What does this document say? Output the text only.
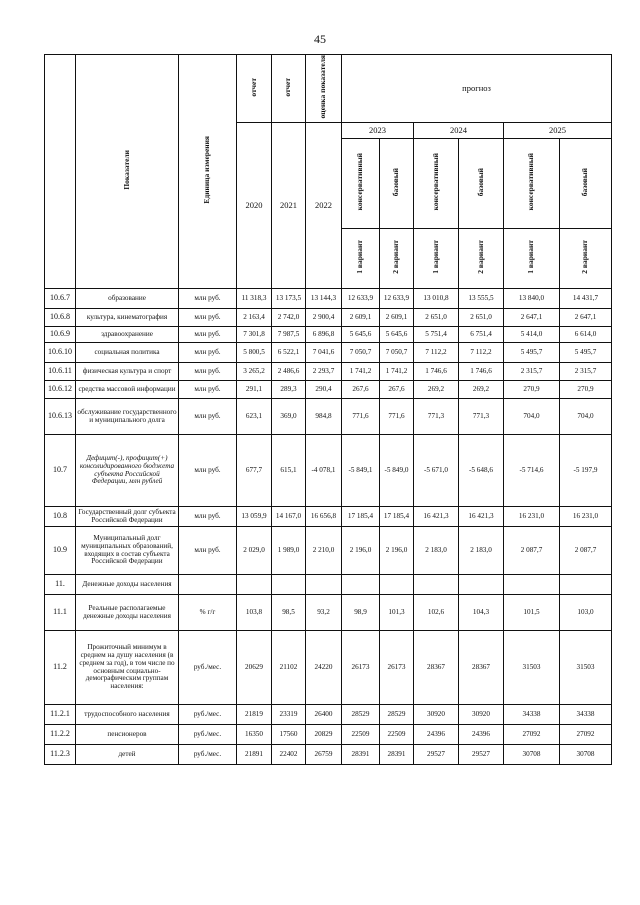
45
	Показатели	Единица измерения	отчет	отчет	оценка показателя	прогноз					
			2020	2021	2022	2023		2024		2025	
						консервативный	базовый	консервативный	базовый	консервативный	базовый
						1 вариант	2 вариант	1 вариант	2 вариант	1 вариант	2 вариант
10.6.7	образование	млн руб.	11 318,3	13 173,5	13 144,3	12 633,9	12 633,9	13 010,8	13 555,5	13 840,0	14 431,7
10.6.8	культура, кинематография	млн руб.	2 163,4	2 742,0	2 900,4	2 609,1	2 609,1	2 651,0	2 651,0	2 647,1	2 647,1
10.6.9	здравоохранение	млн руб.	7 301,8	7 987,5	6 896,8	5 645,6	5 645,6	5 751,4	6 751,4	5 414,0	6 614,0
10.6.10	социальная политика	млн руб.	5 800,5	6 522,1	7 041,6	7 050,7	7 050,7	7 112,2	7 112,2	5 495,7	5 495,7
10.6.11	физическая культура и спорт	млн руб.	3 265,2	2 486,6	2 293,7	1 741,2	1 741,2	1 746,6	1 746,6	2 315,7	2 315,7
10.6.12	средства массовой информации	млн руб.	291,1	289,3	290,4	267,6	267,6	269,2	269,2	270,9	270,9
10.6.13	обслуживание государственного и муниципального долга	млн руб.	623,1	369,0	984,8	771,6	771,6	771,3	771,3	704,0	704,0
10.7	Дефицит(-), профицит(+) консолидированного бюджета субъекта Российской Федерации, млн рублей	млн руб.	677,7	615,1	-4 078,1	-5 849,1	-5 849,0	-5 671,0	-5 648,6	-5 714,6	-5 197,9
10.8	Государственный долг субъекта Российской Федерации	млн руб.	13 059,9	14 167,0	16 656,8	17 185,4	17 185,4	16 421,3	16 421,3	16 231,0	16 231,0
10.9	Муниципальный долг муниципальных образований, входящих в состав субъекта Российской Федерации	млн руб.	2 029,0	1 989,0	2 210,0	2 196,0	2 196,0	2 183,0	2 183,0	2 087,7	2 087,7
11.	Денежные доходы населения										
11.1	Реальные располагаемые денежные доходы населения	% г/г	103,8	98,5	93,2	98,9	101,3	102,6	104,3	101,5	103,0
11.2	Прожиточный минимум в среднем на душу населения (в среднем за год), в том числе по основным социально-демографическим группам населения:	руб./мес.	20629	21102	24220	26173	26173	28367	28367	31503	31503
11.2.1	трудоспособного населения	руб./мес.	21819	23319	26400	28529	28529	30920	30920	34338	34338
11.2.2	пенсионеров	руб./мес.	16350	17560	20829	22509	22509	24396	24396	27092	27092
11.2.3	детей	руб./мес.	21891	22402	26759	28391	28391	29527	29527	30708	30708
